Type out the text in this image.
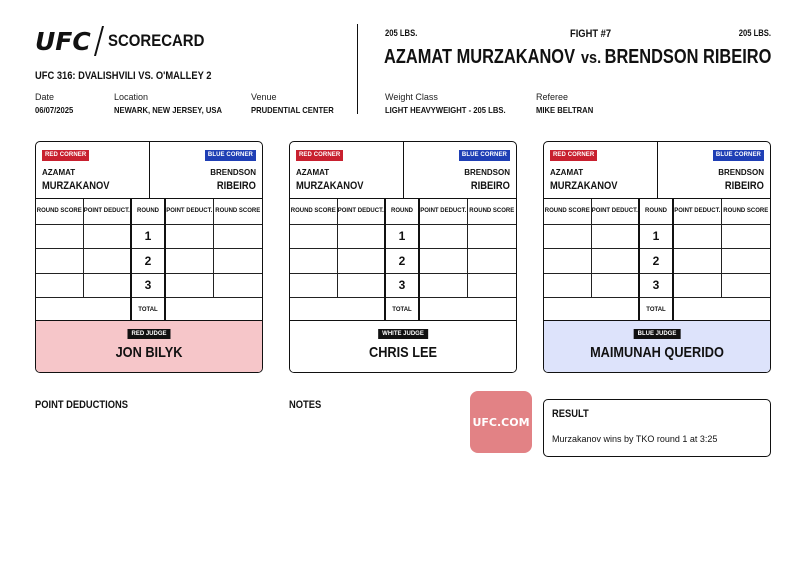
UFC SCORECARD
UFC 316: DVALISHVILI VS. O'MALLEY 2
Date
06/07/2025
Location
NEWARK, NEW JERSEY, USA
Venue
PRUDENTIAL CENTER
205 LBS.	FIGHT #7	205 LBS.
AZAMAT MURZAKANOV vs. BRENDSON RIBEIRO
Weight Class
LIGHT HEAVYWEIGHT - 205 LBS.
Referee
MIKE BELTRAN
RED CORNER
AZAMAT
MURZAKANOV
BLUE CORNER
BRENDSON
RIBEIRO
ROUND SCORE	POINT DEDUCT.	ROUND	POINT DEDUCT.	ROUND SCORE
		1		
		2		
		3		
		TOTAL		
RED JUDGE
JON BILYK
RED CORNER
AZAMAT
MURZAKANOV
BLUE CORNER
BRENDSON
RIBEIRO
ROUND SCORE	POINT DEDUCT.	ROUND	POINT DEDUCT.	ROUND SCORE
		1		
		2		
		3		
		TOTAL		
WHITE JUDGE
CHRIS LEE
RED CORNER
AZAMAT
MURZAKANOV
BLUE CORNER
BRENDSON
RIBEIRO
ROUND SCORE	POINT DEDUCT.	ROUND	POINT DEDUCT.	ROUND SCORE
		1		
		2		
		3		
		TOTAL		
BLUE JUDGE
MAIMUNAH QUERIDO
POINT DEDUCTIONS	NOTES
UFC.COM
RESULT
Murzakanov wins by TKO round 1 at 3:25
